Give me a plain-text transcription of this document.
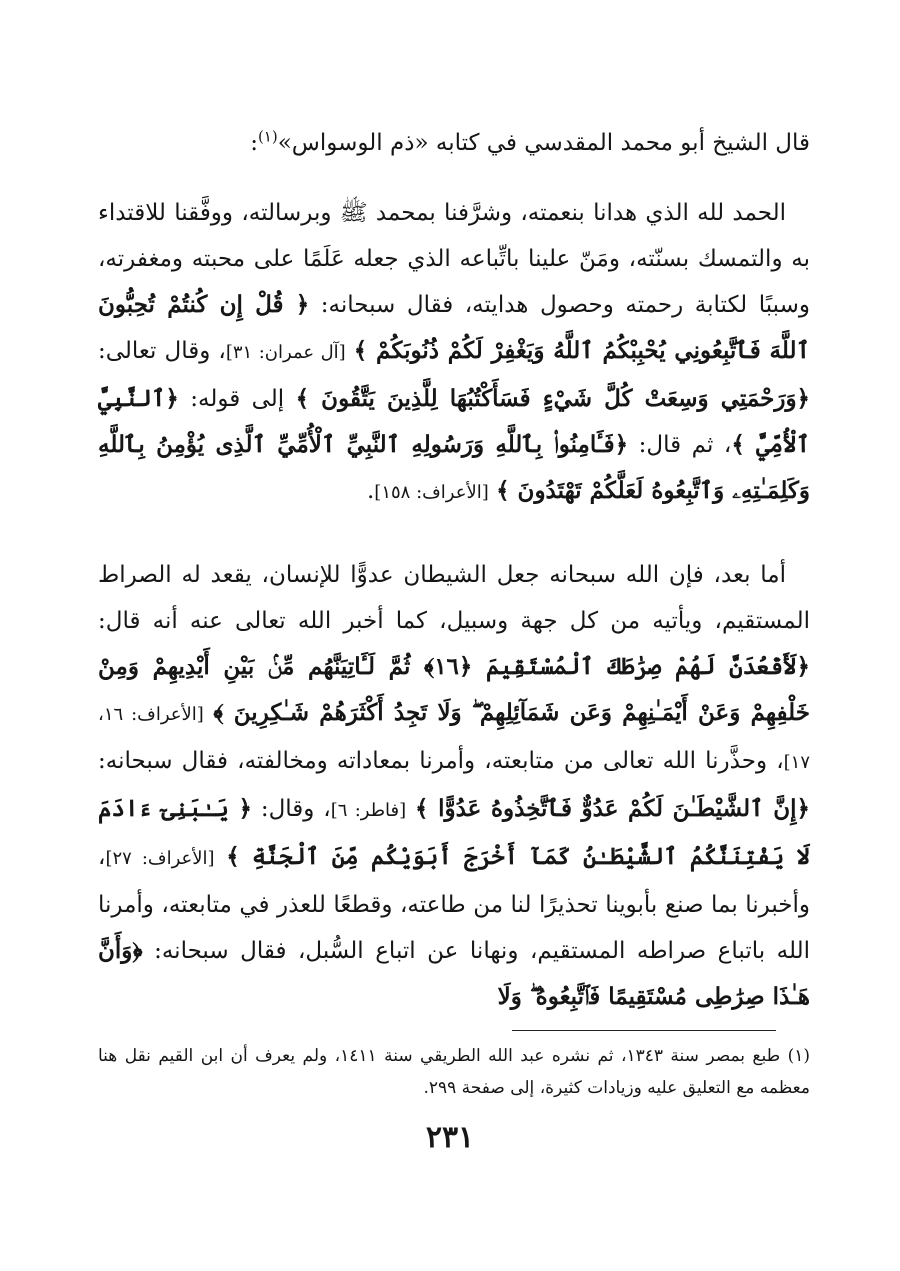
قال الشيخ أبو محمد المقدسي في كتابه «ذم الوسواس»$^{(١)}$:
الحمد لله الذي هدانا بنعمته، وشرَّفنا بمحمد ﷺ وبرسالته، ووفَّقنا للاقتداء به والتمسك بسنّته، ومَنّ علينا باتِّباعه الذي جعله عَلَمًا على محبته ومغفرته، وسببًا لكتابة رحمته وحصول هدايته، فقال سبحانه: ﴿ قُلْ إِن كُنتُمْ تُحِبُّونَ ٱللَّهَ فَٱتَّبِعُونِي يُحْبِبْكُمُ ٱللَّهُ وَيَغْفِرْ لَكُمْ ذُنُوبَكُمْ ﴾ [آل عمران: ٣١]، وقال تعالى: ﴿وَرَحْمَتِي وَسِعَتْ كُلَّ شَيْءٍ فَسَأَكْتُبُهَا لِلَّذِينَ يَتَّقُونَ ﴾ إلى قوله: ﴿ٱلنَّبِيَّ ٱلْأُمِّيَّ ﴾، ثم قال: ﴿فَـَٔامِنُوا۟ بِٱللَّهِ وَرَسُولِهِ ٱلنَّبِيِّ ٱلْأُمِّيِّ ٱلَّذِى يُؤْمِنُ بِٱللَّهِ وَكَلِمَـٰتِهِۦ وَٱتَّبِعُوهُ لَعَلَّكُمْ تَهْتَدُونَ ﴾ [الأعراف: ١٥٨].
أما بعد، فإن الله سبحانه جعل الشيطان عدوًّا للإنسان، يقعد له الصراط المستقيم، ويأتيه من كل جهة وسبيل، كما أخبر الله تعالى عنه أنه قال: ﴿لَأَقْعُدَنَّ لَهُمْ صِرَٰطَكَ ٱلْمُسْتَقِيمَ ﴿١٦﴾ ثُمَّ لَـَٔاتِيَنَّهُم مِّنۢ بَيْنِ أَيْدِيهِمْ وَمِنْ خَلْفِهِمْ وَعَنْ أَيْمَـٰنِهِمْ وَعَن شَمَآئِلِهِمْ ۖ وَلَا تَجِدُ أَكْثَرَهُمْ شَـٰكِرِينَ ﴾ [الأعراف: ١٦، ١٧]، وحذَّرنا الله تعالى من متابعته، وأمرنا بمعاداته ومخالفته، فقال سبحانه: ﴿إِنَّ ٱلشَّيْطَـٰنَ لَكُمْ عَدُوٌّ فَٱتَّخِذُوهُ عَدُوًّا ﴾ [فاطر: ٦]، وقال: ﴿ يَـٰبَنِىٓ ءَادَمَ لَا يَفْتِنَنَّكُمُ ٱلشَّيْطَـٰنُ كَمَآ أَخْرَجَ أَبَوَيْكُم مِّنَ ٱلْجَنَّةِ ﴾ [الأعراف: ٢٧]، وأخبرنا بما صنع بأبوينا تحذيرًا لنا من طاعته، وقطعًا للعذر في متابعته، وأمرنا الله باتباع صراطه المستقيم، ونهانا عن اتباع السُّبل، فقال سبحانه: ﴿وَأَنَّ هَـٰذَا صِرَٰطِى مُسْتَقِيمًا فَٱتَّبِعُوهُ ۖ وَلَا
(١) طبع بمصر سنة ١٣٤٣، ثم نشره عبد الله الطريقي سنة ١٤١١، ولم يعرف أن ابن القيم نقل هنا معظمه مع التعليق عليه وزيادات كثيرة، إلى صفحة ٢٩٩.
٢٣١
